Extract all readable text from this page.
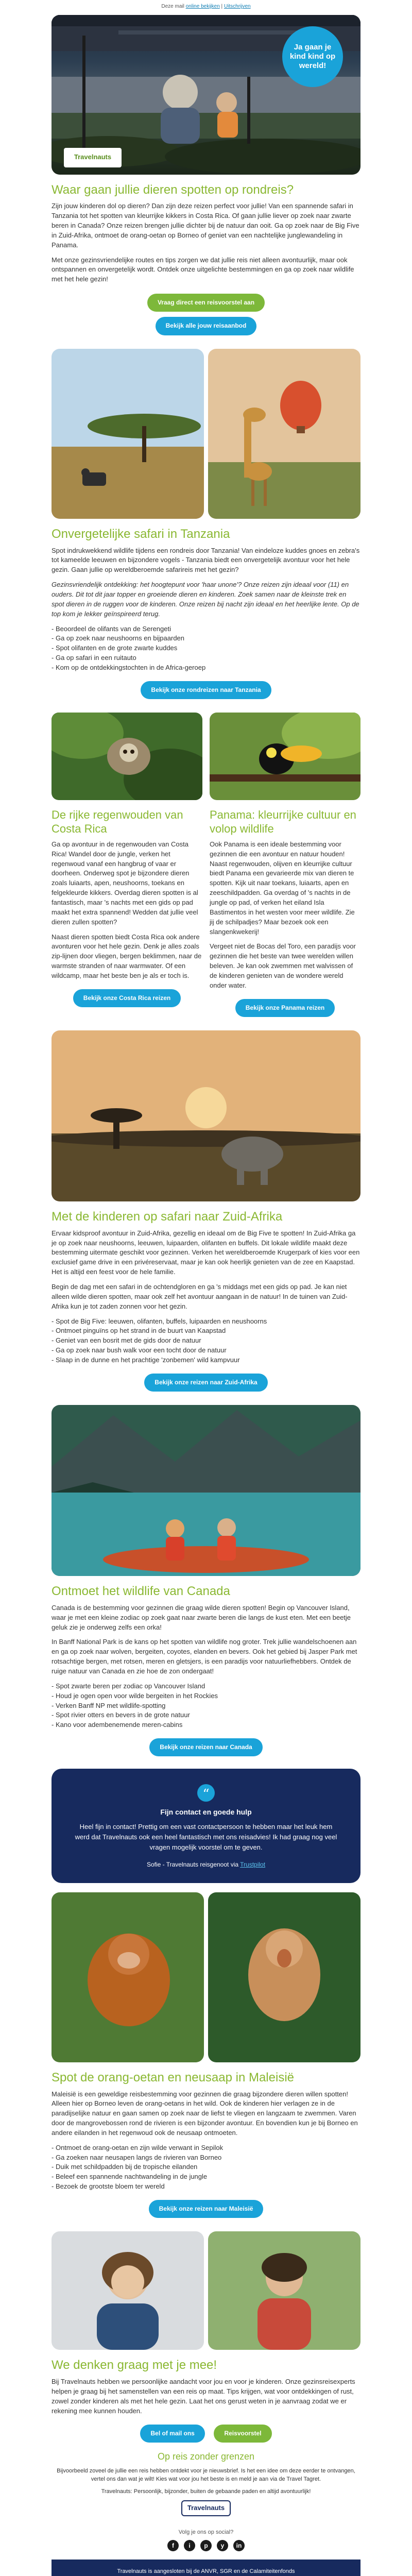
Deze mail online bekijken | Uitschrijven
Ja gaan je kind kind op wereld!
Travelnauts
Waar gaan jullie dieren spotten op rondreis?

Zijn jouw kinderen dol op dieren? Dan zijn deze reizen perfect voor jullie! Van een spannende safari in Tanzania tot het spotten van kleurrijke kikkers in Costa Rica. Of gaan jullie liever op zoek naar zwarte beren in Canada? Onze reizen brengen jullie dichter bij de natuur dan ooit. Ga op zoek naar de Big Five in Zuid-Afrika, ontmoet de orang-oetan op Borneo of geniet van een nachtelijke junglewandeling in Panama.

Met onze gezinsvriendelijke routes en tips zorgen we dat jullie reis niet alleen avontuurlijk, maar ook ontspannen en onvergetelijk wordt. Ontdek onze uitgelichte bestemmingen en ga op zoek naar wildlife met het hele gezin!

Vraag direct een reisvoorstel aan
Bekijk alle jouw reisaanbod
Onvergetelijke safari in Tanzania

Spot indrukwekkend wildlife tijdens een rondreis door Tanzania! Van eindeloze kuddes gnoes en zebra's tot kameelde leeuwen en bijzondere vogels - Tanzania biedt een onvergetelijk avontuur voor het hele gezin. Gaan jullie op wereldberoemde safarireis met het gezin?

Gezinsvriendelijk ontdekking: het hoogtepunt voor 'haar unone'? Onze reizen zijn ideaal voor (11) en ouders. Dit tot dit jaar topper en groeiende dieren en kinderen. Zoek samen naar de kleinste trek en spot dieren in de ruggen voor de kinderen. Onze reizen bij nacht zijn ideaal en het heerlijke lente. Op de top kom je lekker geïnspireerd terug.

- Beoordeel de olifants van de Serengeti
- Ga op zoek naar neushoorns en bijpaarden
- Spot olifanten en de grote zwarte kuddes
- Ga op safari in een ruitauto
- Kom op de ontdekkingstochten in de Africa-geroep
Bekijk onze rondreizen naar Tanzania
De rijke regenwouden van Costa Rica

Ga op avontuur in de regenwouden van Costa Rica! Wandel door de jungle, verken het regenwoud vanaf een hangbrug of vaar er doorheen. Onderweg spot je bijzondere dieren zoals luiaarts, apen, neushoorns, toekans en felgekleurde kikkers. Overdag dieren spotten is al fantastisch, maar 's nachts met een gids op pad maakt het extra spannend! Wedden dat jullie veel dieren zullen spotten?

Naast dieren spotten biedt Costa Rica ook andere avonturen voor het hele gezin. Denk je alles zoals zip-lijnen door vliegen, bergen beklimmen, naar de warmste stranden of naar warmwater. Of een wildcamp, maar het beste ben je als er toch is.

Bekijk onze Costa Rica reizen
Panama: kleurrijke cultuur en volop wildlife

Ook Panama is een ideale bestemming voor gezinnen die een avontuur en natuur houden! Naast regenwouden, olijven en kleurrijke cultuur biedt Panama een gevarieerde mix van dieren te spotten. Kijk uit naar toekans, luiaarts, apen en zeeschildpadden. Ga overdag of 's nachts in de jungle op pad, of verken het eiland Isla Bastimentos in het westen voor meer wildlife. Zie jij de schilpadjes? Maar bezoek ook een slangenkwekerij!

Vergeet niet de Bocas del Toro, een paradijs voor gezinnen die het beste van twee werelden willen beleven. Je kan ook zwemmen met walvissen of de kinderen genieten van de wondere wereld onder water.

Bekijk onze Panama reizen
Met de kinderen op safari naar Zuid-Afrika

Ervaar kidsproof avontuur in Zuid-Afrika, gezellig en ideaal om de Big Five te spotten! In Zuid-Afrika ga je op zoek naar neushoorns, leeuwen, luipaarden, olifanten en buffels. Dit lokale wildlife maakt deze bestemming uitermate geschikt voor gezinnen. Verken het wereldberoemde Krugerpark of kies voor een exclusief game drive in een privéreservaat, maar je kan ook heerlijk genieten van de zee en Kaapstad. Het is altijd een feest voor de hele familie.

Begin de dag met een safari in de ochtendgloren en ga 's middags met een gids op pad. Je kan niet alleen wilde dieren spotten, maar ook zelf het avontuur aangaan in de natuur! In de tuinen van Zuid-Afrika kun je tot zaden zonnen voor het gezin.

- Spot de Big Five: leeuwen, olifanten, buffels, luipaarden en neushoorns
- Ontmoet pinguïns op het strand in de buurt van Kaapstad
- Geniet van een bosrit met de gids door de natuur
- Ga op zoek naar bush walk voor een tocht door de natuur
- Slaap in de dunne en het prachtige 'zonbemen' wild kampvuur
Bekijk onze reizen naar Zuid-Afrika
Ontmoet het wildlife van Canada

Canada is de bestemming voor gezinnen die graag wilde dieren spotten! Begin op Vancouver Island, waar je met een kleine zodiac op zoek gaat naar zwarte beren die langs de kust eten. Met een beetje geluk zie je onderweg zelfs een orka!

In Banff National Park is de kans op het spotten van wildlife nog groter. Trek jullie wandelschoenen aan en ga op zoek naar wolven, bergeiten, coyotes, elanden en bevers. Ook het gebied bij Jasper Park met rotsachtige bergen, met rotsen, meren en gletsjers, is een paradijs voor natuurliefhebbers. Ontdek de ruige natuur van Canada en zie hoe de zon ondergaat!

- Spot zwarte beren per zodiac op Vancouver Island
- Houd je ogen open voor wilde bergeiten in het Rockies
- Verken Banff NP met wildlife-spotting
- Spot rivier otters en bevers in de grote natuur
- Kano voor adembenemende meren-cabins
Bekijk onze reizen naar Canada
“
Fijn contact en goede hulp

Heel fijn in contact! Prettig om een vast contactpersoon te hebben maar het leuk hem werd dat Travelnauts ook een heel fantastisch met ons reisadvies! Ik had graag nog veel vragen mogelijk voorstel om te geven.

Sofie - Travelnauts reisgenoot via Trustpilot

Spot de orang-oetan en neusaap in Maleisië

Maleisië is een geweldige reisbestemming voor gezinnen die graag bijzondere dieren willen spotten! Alleen hier op Borneo leven de orang-oetans in het wild. Ook de kinderen hier verlagen ze in de paradijselijke natuur en gaan samen op zoek naar de liefst te vliegen en langzaam te zwemmen. Varen door de mangrovebossen rond de rivieren is een bijzonder avontuur. En bovendien kun je bij Borneo en andere eilanden in het regenwoud ook de neusaap ontmoeten.

- Ontmoet de orang-oetan en zijn wilde verwant in Sepilok
- Ga zoeken naar neusapen langs de rivieren van Borneo
- Duik met schildpadden bij de tropische eilanden
- Beleef een spannende nachtwandeling in de jungle
- Bezoek de grootste bloem ter wereld
Bekijk onze reizen naar Maleisië
We denken graag met je mee!

Bij Travelnauts hebben we persoonlijke aandacht voor jou en voor je kinderen. Onze gezinsreisexperts helpen je graag bij het samenstellen van een reis op maat. Tips krijgen, wat voor ontdekkingen of rust, zowel zonder kinderen als met het hele gezin. Laat het ons gerust weten in je aanvraag zodat we er rekening mee kunnen houden.

Bel of mail ons	Reisvoorstel
Op reis zonder grenzen

Bijvoorbeeld zoveel de jullie een reis hebben ontdekt voor je nieuwsbrief. Is het een idee om deze eerder te ontvangen, vertel ons dan wat je wilt! Kies wat voor jou het beste is en meld je aan via de Travel Tagret.

Travelnauts: Persoonlijk, bijzonder, buiten de gebaande paden en altijd avontuurlijk!

Travelnauts
Volg je ons op social?
f	i	p	y	in
Travelnauts is aangesloten bij de ANVR, SGR en de Calamiteitenfonds
